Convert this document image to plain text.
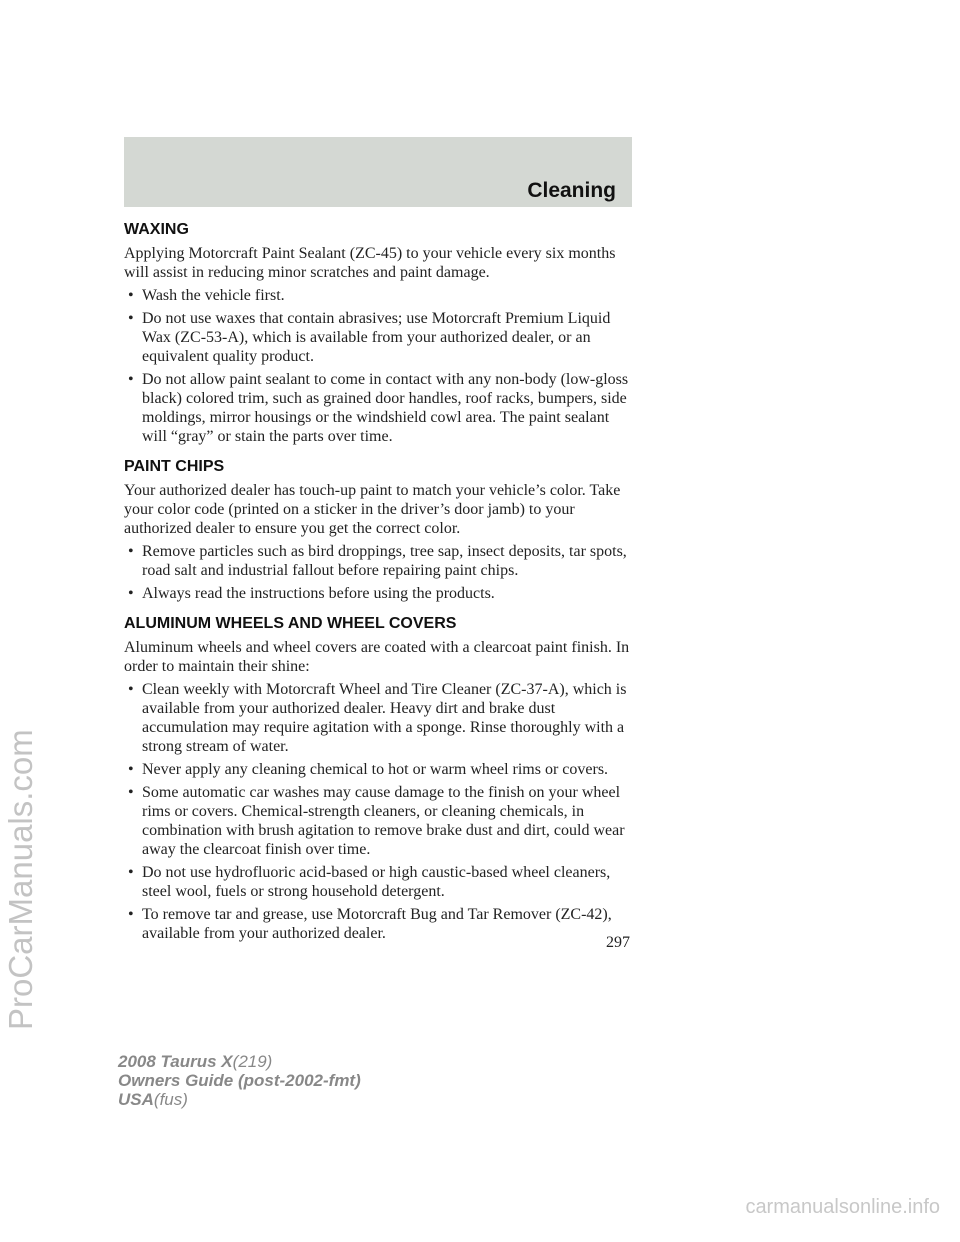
Cleaning
ProCarManuals.com
WAXING

Applying Motorcraft Paint Sealant (ZC-45) to your vehicle every six months will assist in reducing minor scratches and paint damage.

• Wash the vehicle first.
• Do not use waxes that contain abrasives; use Motorcraft Premium Liquid Wax (ZC-53-A), which is available from your authorized dealer, or an equivalent quality product.
• Do not allow paint sealant to come in contact with any non-body (low-gloss black) colored trim, such as grained door handles, roof racks, bumpers, side moldings, mirror housings or the windshield cowl area. The paint sealant will “gray” or stain the parts over time.
PAINT CHIPS

Your authorized dealer has touch-up paint to match your vehicle’s color. Take your color code (printed on a sticker in the driver’s door jamb) to your authorized dealer to ensure you get the correct color.

• Remove particles such as bird droppings, tree sap, insect deposits, tar spots, road salt and industrial fallout before repairing paint chips.
• Always read the instructions before using the products.
ALUMINUM WHEELS AND WHEEL COVERS

Aluminum wheels and wheel covers are coated with a clearcoat paint finish. In order to maintain their shine:

• Clean weekly with Motorcraft Wheel and Tire Cleaner (ZC-37-A), which is available from your authorized dealer. Heavy dirt and brake dust accumulation may require agitation with a sponge. Rinse thoroughly with a strong stream of water.
• Never apply any cleaning chemical to hot or warm wheel rims or covers.
• Some automatic car washes may cause damage to the finish on your wheel rims or covers. Chemical-strength cleaners, or cleaning chemicals, in combination with brush agitation to remove brake dust and dirt, could wear away the clearcoat finish over time.
• Do not use hydrofluoric acid-based or high caustic-based wheel cleaners, steel wool, fuels or strong household detergent.
• To remove tar and grease, use Motorcraft Bug and Tar Remover (ZC-42), available from your authorized dealer.
297
2008 Taurus X(219)
Owners Guide (post-2002-fmt)
USA(fus)
carmanualsonline.info
